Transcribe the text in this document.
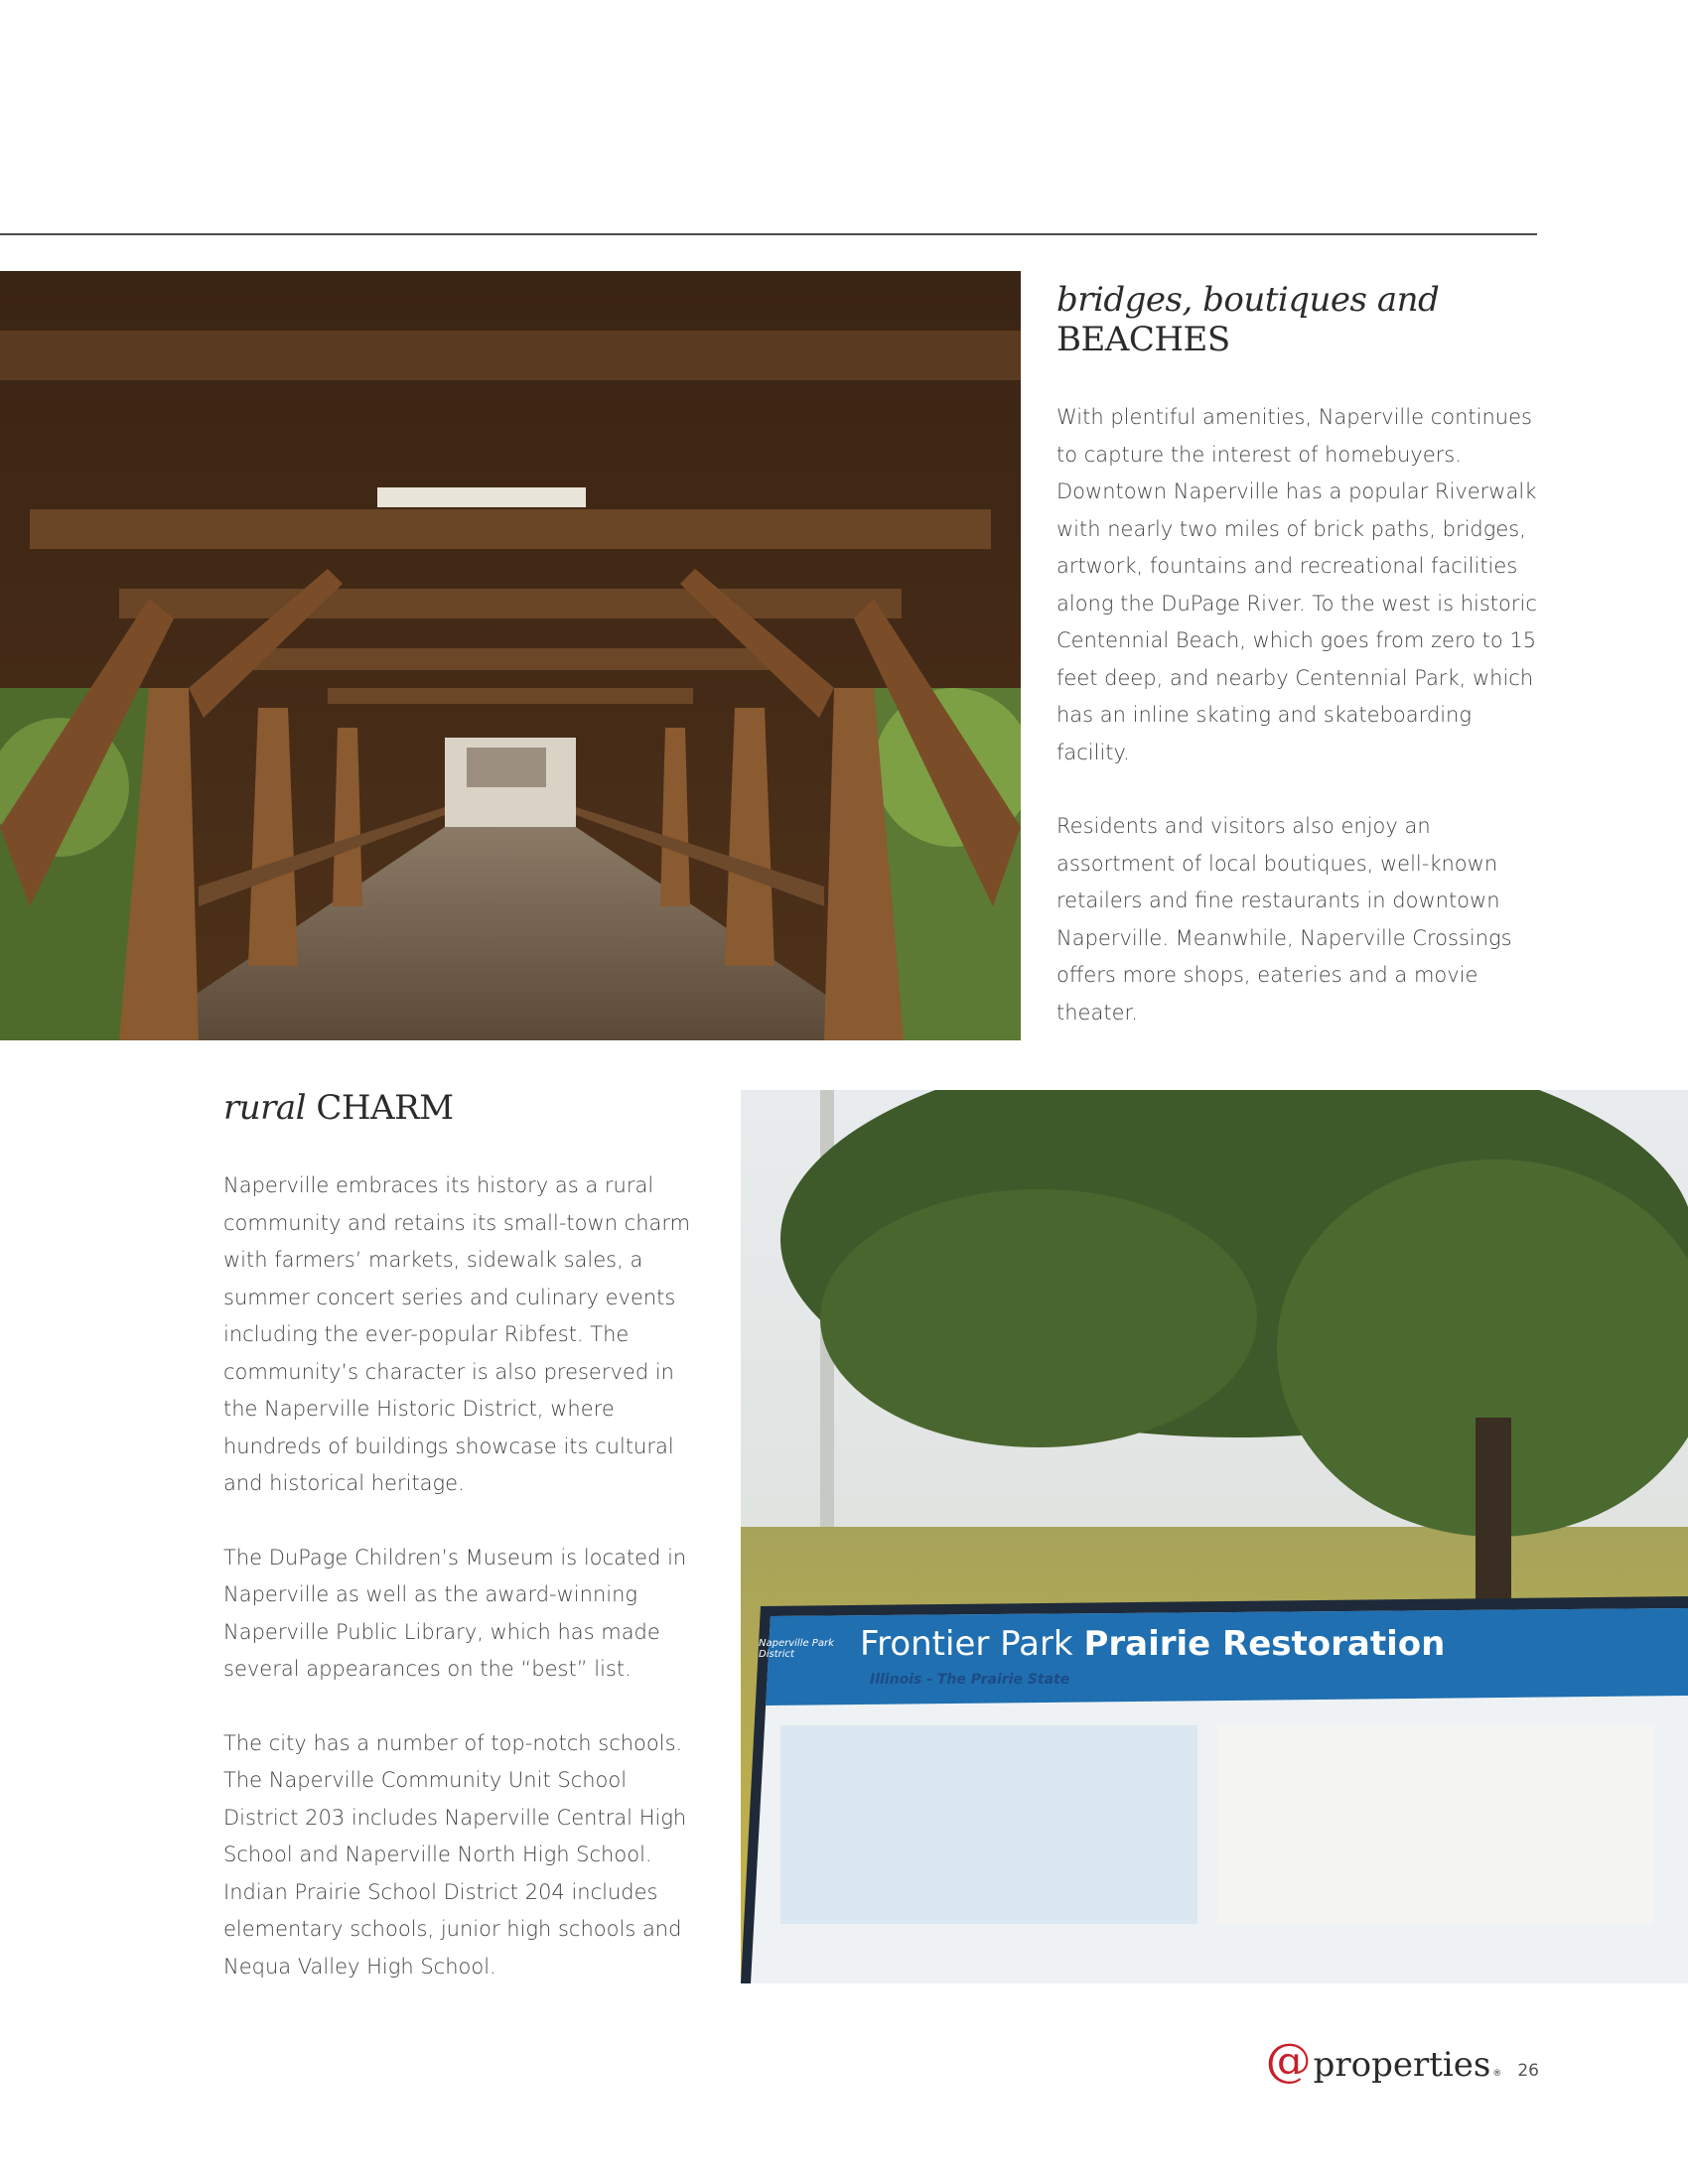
bridges, boutiques and BEACHES

With plentiful amenities, Naperville continues to capture the interest of homebuyers. Downtown Naperville has a popular Riverwalk with nearly two miles of brick paths, bridges, artwork, fountains and recreational facilities along the DuPage River. To the west is historic Centennial Beach, which goes from zero to 15 feet deep, and nearby Centennial Park, which has an inline skating and skateboarding facility.

Residents and visitors also enjoy an assortment of local boutiques, well-known retailers and fine restaurants in downtown Naperville. Meanwhile, Naperville Crossings offers more shops, eateries and a movie theater.

rural CHARM

Naperville embraces its history as a rural community and retains its small-town charm with farmers’ markets, sidewalk sales, a summer concert series and culinary events including the ever-popular Ribfest. The community’s character is also preserved in the Naperville Historic District, where hundreds of buildings showcase its cultural and historical heritage.

The DuPage Children’s Museum is located in Naperville as well as the award-winning Naperville Public Library, which has made several appearances on the “best” list.

The city has a number of top-notch schools. The Naperville Community Unit School District 203 includes Naperville Central High School and Naperville North High School. Indian Prairie School District 204 includes elementary schools, junior high schools and Nequa Valley High School.

Frontier Park Prairie Restoration
Naperville Park District
Illinois - The Prairie State
@ properties ® 26
